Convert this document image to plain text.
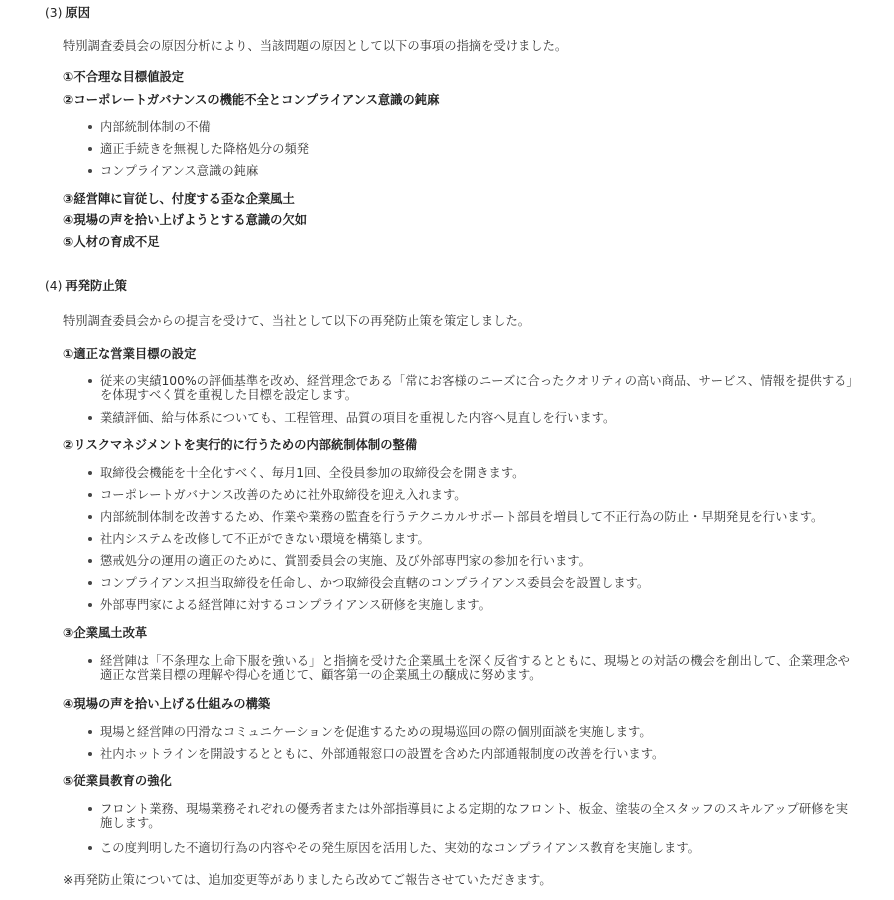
(3) 原因
特別調査委員会の原因分析により、当該問題の原因として以下の事項の指摘を受けました。
①不合理な目標値設定
②コーポレートガバナンスの機能不全とコンプライアンス意識の鈍麻
内部統制体制の不備
適正手続きを無視した降格処分の頻発
コンプライアンス意識の鈍麻
③経営陣に盲従し、付度する歪な企業風土
④現場の声を拾い上げようとする意識の欠如
⑤人材の育成不足
(4) 再発防止策
特別調査委員会からの提言を受けて、当社として以下の再発防止策を策定しました。
①適正な営業目標の設定
従来の実績100%の評価基準を改め、経営理念である「常にお客様のニーズに合ったクオリティの高い商品、サービス、情報を提供する」を体現すべく質を重視した目標を設定します。
業績評価、給与体系についても、工程管理、品質の項目を重視した内容へ見直しを行います。
②リスクマネジメントを実行的に行うための内部統制体制の整備
取締役会機能を十全化すべく、毎月1回、全役員参加の取締役会を開きます。
コーポレートガバナンス改善のために社外取締役を迎え入れます。
内部統制体制を改善するため、作業や業務の監査を行うテクニカルサポート部員を増員して不正行為の防止・早期発見を行います。
社内システムを改修して不正ができない環境を構築します。
懲戒処分の運用の適正のために、賞罰委員会の実施、及び外部専門家の参加を行います。
コンプライアンス担当取締役を任命し、かつ取締役会直轄のコンプライアンス委員会を設置します。
外部専門家による経営陣に対するコンプライアンス研修を実施します。
③企業風土改革
経営陣は「不条理な上命下服を強いる」と指摘を受けた企業風土を深く反省するとともに、現場との対話の機会を創出して、企業理念や適正な営業目標の理解や得心を通じて、顧客第一の企業風土の醸成に努めます。
④現場の声を拾い上げる仕組みの構築
現場と経営陣の円滑なコミュニケーションを促進するための現場巡回の際の個別面談を実施します。
社内ホットラインを開設するとともに、外部通報窓口の設置を含めた内部通報制度の改善を行います。
⑤従業員教育の強化
フロント業務、現場業務それぞれの優秀者または外部指導員による定期的なフロント、板金、塗装の全スタッフのスキルアップ研修を実施します。
この度判明した不適切行為の内容やその発生原因を活用した、実効的なコンプライアンス教育を実施します。
※再発防止策については、追加変更等がありましたら改めてご報告させていただきます。
